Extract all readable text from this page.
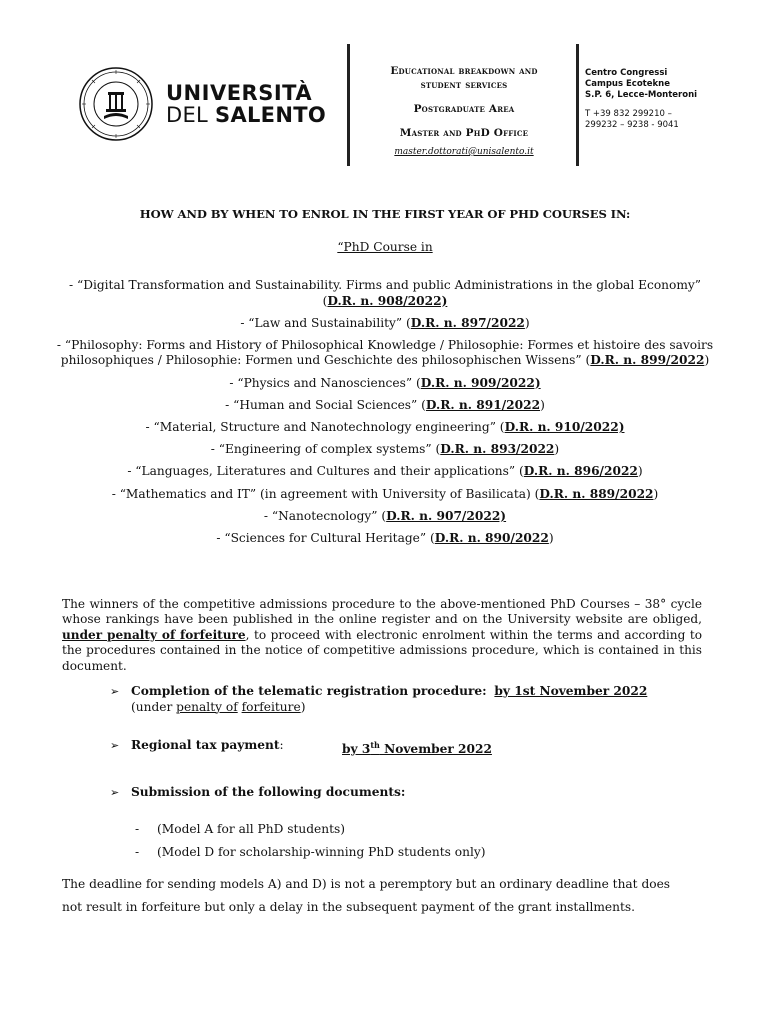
UNIVERSITÀ
DEL SALENTO

Educational breakdown and

student services

Postgraduate Area

Master and PhD Office

master.dottorati@unisalento.it

Centro Congressi

Campus Ecotekne

S.P. 6, Lecce-Monteroni

T +39 832 299210 –

299232 – 9238 - 9041

HOW AND BY WHEN TO ENROL IN THE FIRST YEAR OF PHD COURSES IN:
“PhD Course in

- “Digital Transformation and Sustainability. Firms and public Administrations in the global Economy” (D.R. n. 908/2022)

- “Law and Sustainability” (D.R. n. 897/2022)

- “Philosophy: Forms and History of Philosophical Knowledge / Philosophie: Formes et histoire des savoirs philosophiques / Philosophie: Formen und Geschichte des philosophischen Wissens” (D.R. n. 899/2022)

- “Physics and Nanosciences” (D.R. n. 909/2022)

- “Human and Social Sciences” (D.R. n. 891/2022)

- “Material, Structure and Nanotechnology engineering” (D.R. n. 910/2022)

- “Engineering of complex systems” (D.R. n. 893/2022)

- “Languages, Literatures and Cultures and their applications” (D.R. n. 896/2022)

- “Mathematics and IT” (in agreement with University of Basilicata) (D.R. n. 889/2022)

- “Nanotecnology” (D.R. n. 907/2022)

- “Sciences for Cultural Heritage” (D.R. n. 890/2022)

The winners of the competitive admissions procedure to the above-mentioned PhD Courses – 38° cycle whose rankings have been published in the online register and on the University website are obliged, under penalty of forfeiture, to proceed with electronic enrolment within the terms and according to the procedures contained in the notice of competitive admissions procedure, which is contained in this document.
➢ Completion of the telematic registration procedure: by 1st November 2022
(under penalty of forfeiture)
➢ Regional tax payment:	by 3th November 2022
➢ Submission of the following documents:
- (Model A for all PhD students)
- (Model D for scholarship-winning PhD students only)
The deadline for sending models A) and D) is not a peremptory but an ordinary deadline that does
not result in forfeiture but only a delay in the subsequent payment of the grant installments.
